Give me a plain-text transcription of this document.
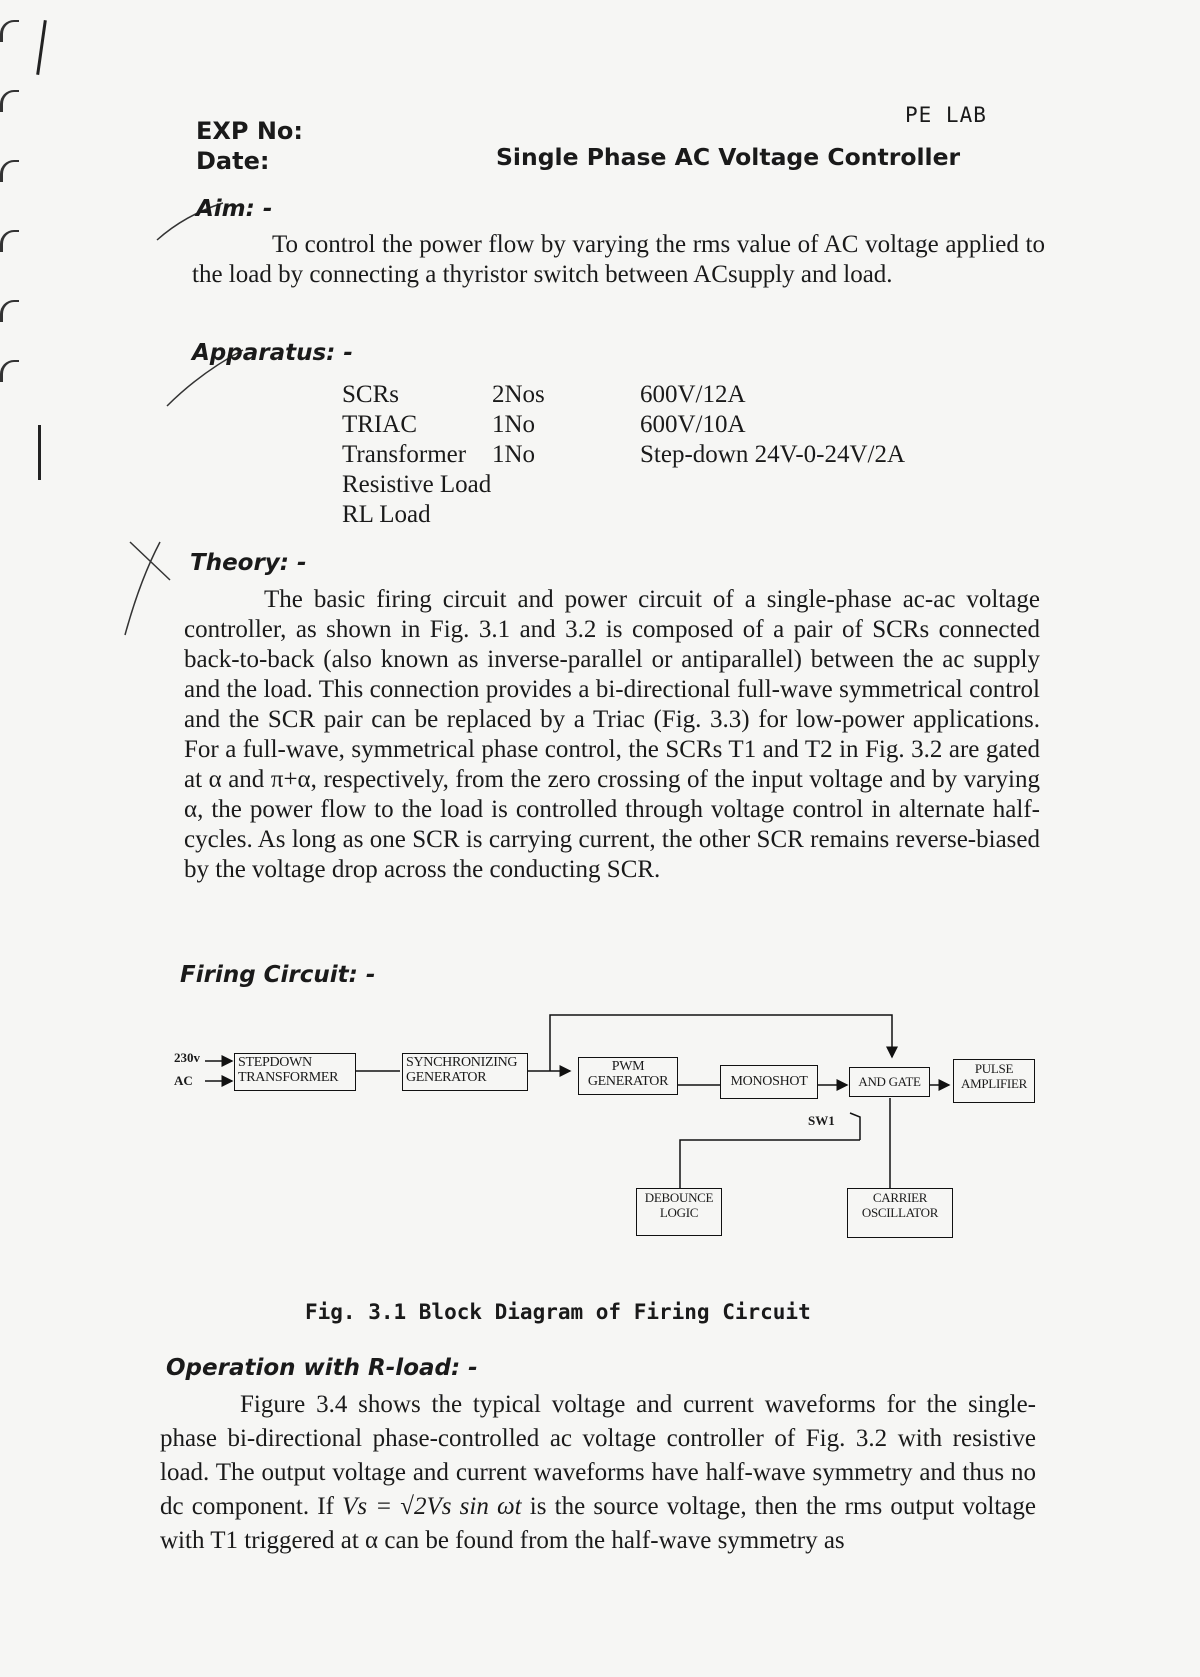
PE LAB
EXP No:
Date:	Single Phase AC Voltage Controller
Aim: -

To control the power flow by varying the rms value of AC voltage applied to the load by connecting a thyristor switch between ACsupply and load.

Apparatus: -
SCRs	2Nos	600V/12A
TRIAC	1No	600V/10A
Transformer	1No	Step-down 24V-0-24V/2A
Resistive Load
RL Load
Theory: -

The basic firing circuit and power circuit of a single-phase ac-ac voltage controller, as shown in Fig. 3.1 and 3.2 is composed of a pair of SCRs connected back-to-back (also known as inverse-parallel or antiparallel) between the ac supply and the load. This connection provides a bi-directional full-wave symmetrical control and the SCR pair can be replaced by a Triac (Fig. 3.3) for low-power applications. For a full-wave, symmetrical phase control, the SCRs T1 and T2 in Fig. 3.2 are gated at α and π+α, respectively, from the zero crossing of the input voltage and by varying α, the power flow to the load is controlled through voltage control in alternate half-cycles. As long as one SCR is carrying current, the other SCR remains reverse-biased by the voltage drop across the conducting SCR.

Firing Circuit: -
230v
AC
STEPDOWN TRANSFORMER
SYNCHRONIZING GENERATOR
PWM GENERATOR	MONOSHOT	AND GATE
PULSE AMPLIFIER
SW1
DEBOUNCE LOGIC
CARRIER OSCILLATOR
Fig. 3.1 Block Diagram of Firing Circuit
Operation with R-load: -

Figure 3.4 shows the typical voltage and current waveforms for the single-phase bi-directional phase-controlled ac voltage controller of Fig. 3.2 with resistive load. The output voltage and current waveforms have half-wave symmetry and thus no dc component. If Vs = √2Vs sin ωt is the source voltage, then the rms output voltage with T1 triggered at α can be found from the half-wave symmetry as
